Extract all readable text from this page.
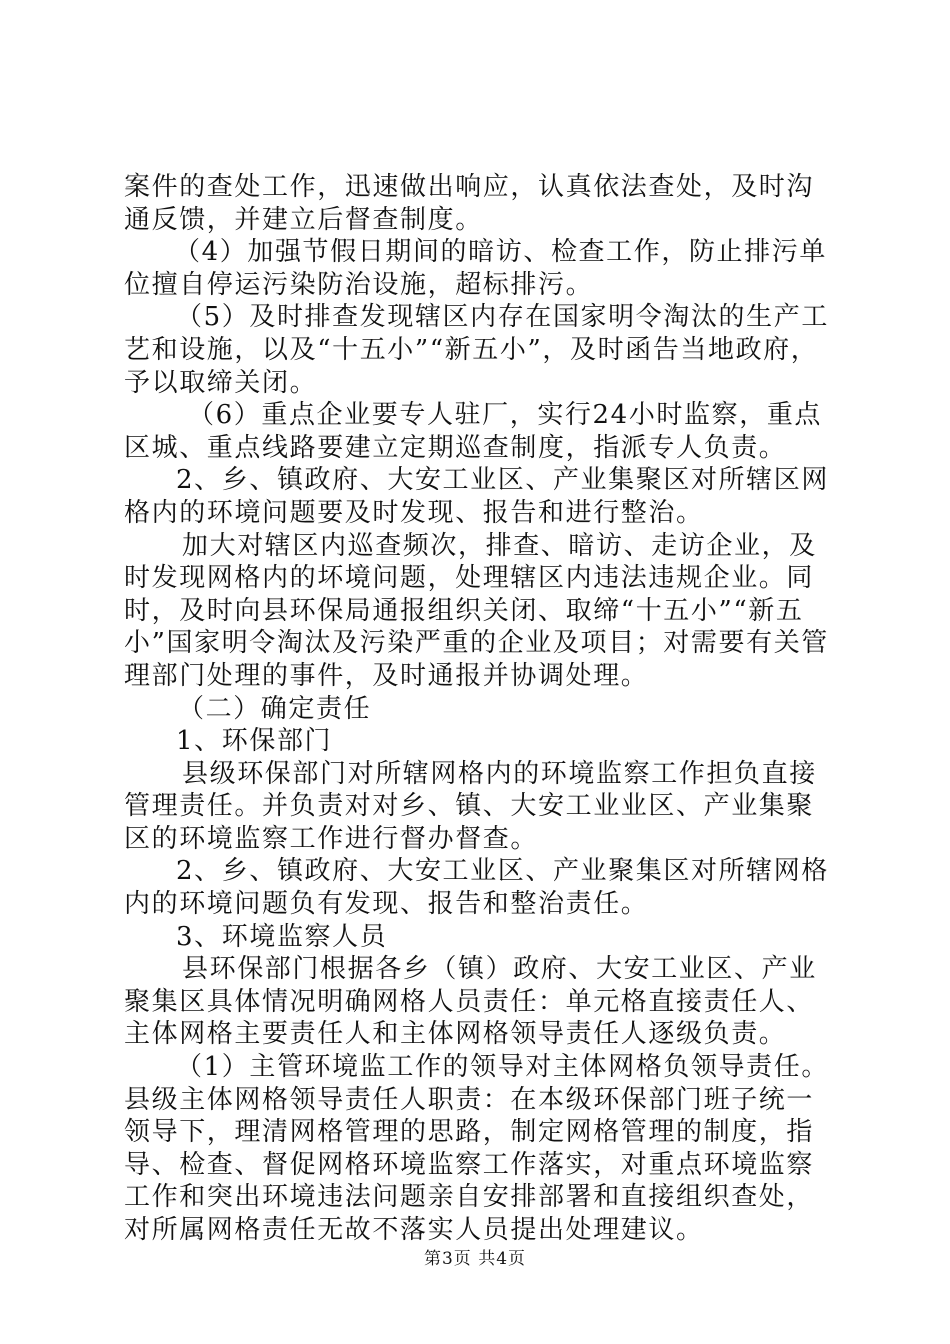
案件的查处工作，迅速做出响应，认真依法查处，及时沟通反馈，并建立后督查制度。

（4）加强节假日期间的暗访、检查工作，防止排污单位擅自停运污染防治设施，超标排污。

（5）及时排查发现辖区内存在国家明令淘汰的生产工艺和设施，以及“十五小”“新五小”，及时函告当地政府，予以取缔关闭。

（6）重点企业要专人驻厂，实行24小时监察，重点区城、重点线路要建立定期巡查制度，指派专人负责。

2、乡、镇政府、大安工业区、产业集聚区对所辖区网格内的环境问题要及时发现、报告和进行整治。

加大对辖区内巡查频次，排查、暗访、走访企业，及时发现网格内的坏境问题，处理辖区内违法违规企业。同时，及时向县环保局通报组织关闭、取缔“十五小”“新五小”国家明令淘汰及污染严重的企业及项目；对需要有关管理部门处理的事件，及时通报并协调处理。

（二）确定责任

1、环保部门

县级环保部门对所辖网格内的环境监察工作担负直接管理责任。并负责对对乡、镇、大安工业业区、产业集聚区的环境监察工作进行督办督查。

2、乡、镇政府、大安工业区、产业聚集区对所辖网格内的环境问题负有发现、报告和整治责任。

3、环境监察人员

县环保部门根据各乡（镇）政府、大安工业区、产业聚集区具体情况明确网格人员责任：单元格直接责任人、主体网格主要责任人和主体网格领导责任人逐级负责。

（1）主管环境监工作的领导对主体网格负领导责任。县级主体网格领导责任人职责：在本级环保部门班子统一领导下，理清网格管理的思路，制定网格管理的制度，指导、检查、督促网格环境监察工作落实，对重点环境监察工作和突出环境违法问题亲自安排部署和直接组织查处，对所属网格责任无故不落实人员提出处理建议。

第3页 共4页
